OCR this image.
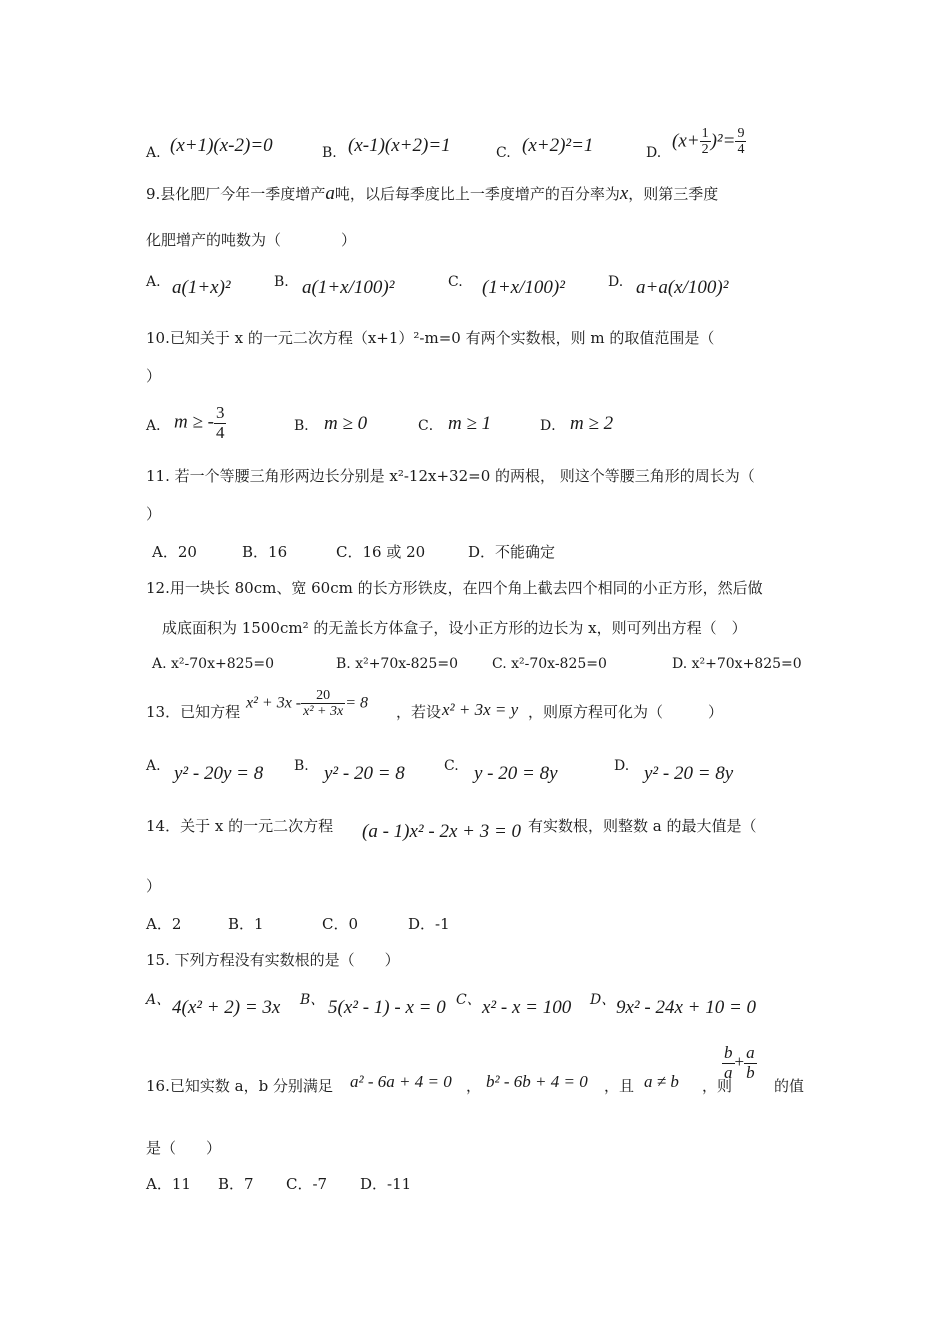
A. (x+1)(x-2)=0	B. (x-1)(x+2)=1	C. (x+2)²=1	D.
$(x+ \frac{1}{2} )^2= \frac{9}{4}$
9.县化肥厂今年一季度增产a吨，以后每季度比上一季度增产的百分率为x，则第三季度
化肥增产的吨数为（　　　　）
A. a(1+x)²	B. a(1+x/100)²	C. (1+x/100)²	D. a+a(x/100)²
10.已知关于 x 的一元二次方程（x+1）²-m=0 有两个实数根，则 m 的取值范围是（
）
A． m ≥ - $\frac{3}{4}$	B． m ≥ 0	C． m ≥ 1	D． m ≥ 2
11. 若一个等腰三角形两边长分别是 x²-12x+32=0 的两根， 则这个等腰三角形的周长为（
）
A．20	B．16	C．16 或 20	D．不能确定
12.用一块长 80cm、宽 60cm 的长方形铁皮，在四个角上截去四个相同的小正方形，然后做
成底面积为 1500cm² 的无盖长方体盒子，设小正方形的边长为 x，则可列出方程（　）
A. x²-70x+825=0	B. x²+70x-825=0 C. x²-70x-825=0	D. x²+70x+825=0
13．已知方程 $x^2 + 3x - \frac{20}{\text{x² + 3x}} = 8$ ，若设 x² + 3x = y ，则原方程可化为（　　　）
A. y² - 20y = 8 B. y² - 20 = 8	C. y - 20 = 8y	D. y² - 20 = 8y
14．关于 x 的一元二次方程 (a - 1)x² - 2x + 3 = 0 有实数根，则整数 a 的最大值是（
）
A．2	B．1	C．0	D．-1
15. 下列方程没有实数根的是（　　）
A、 4(x² + 2) = 3x B、 5(x² - 1) - x = 0 C、 x² - x = 100 D、 9x² - 24x + 10 = 0
16.已知实数 a，b 分别满足 a² - 6a + 4 = 0 ， b² - 6b + 4 = 0 ，且 a ≠ b ，则
$\frac{b}{a} + \frac{a}{b}$
的值
是（　　）
A．11 B．7 C．-7 D．-11
